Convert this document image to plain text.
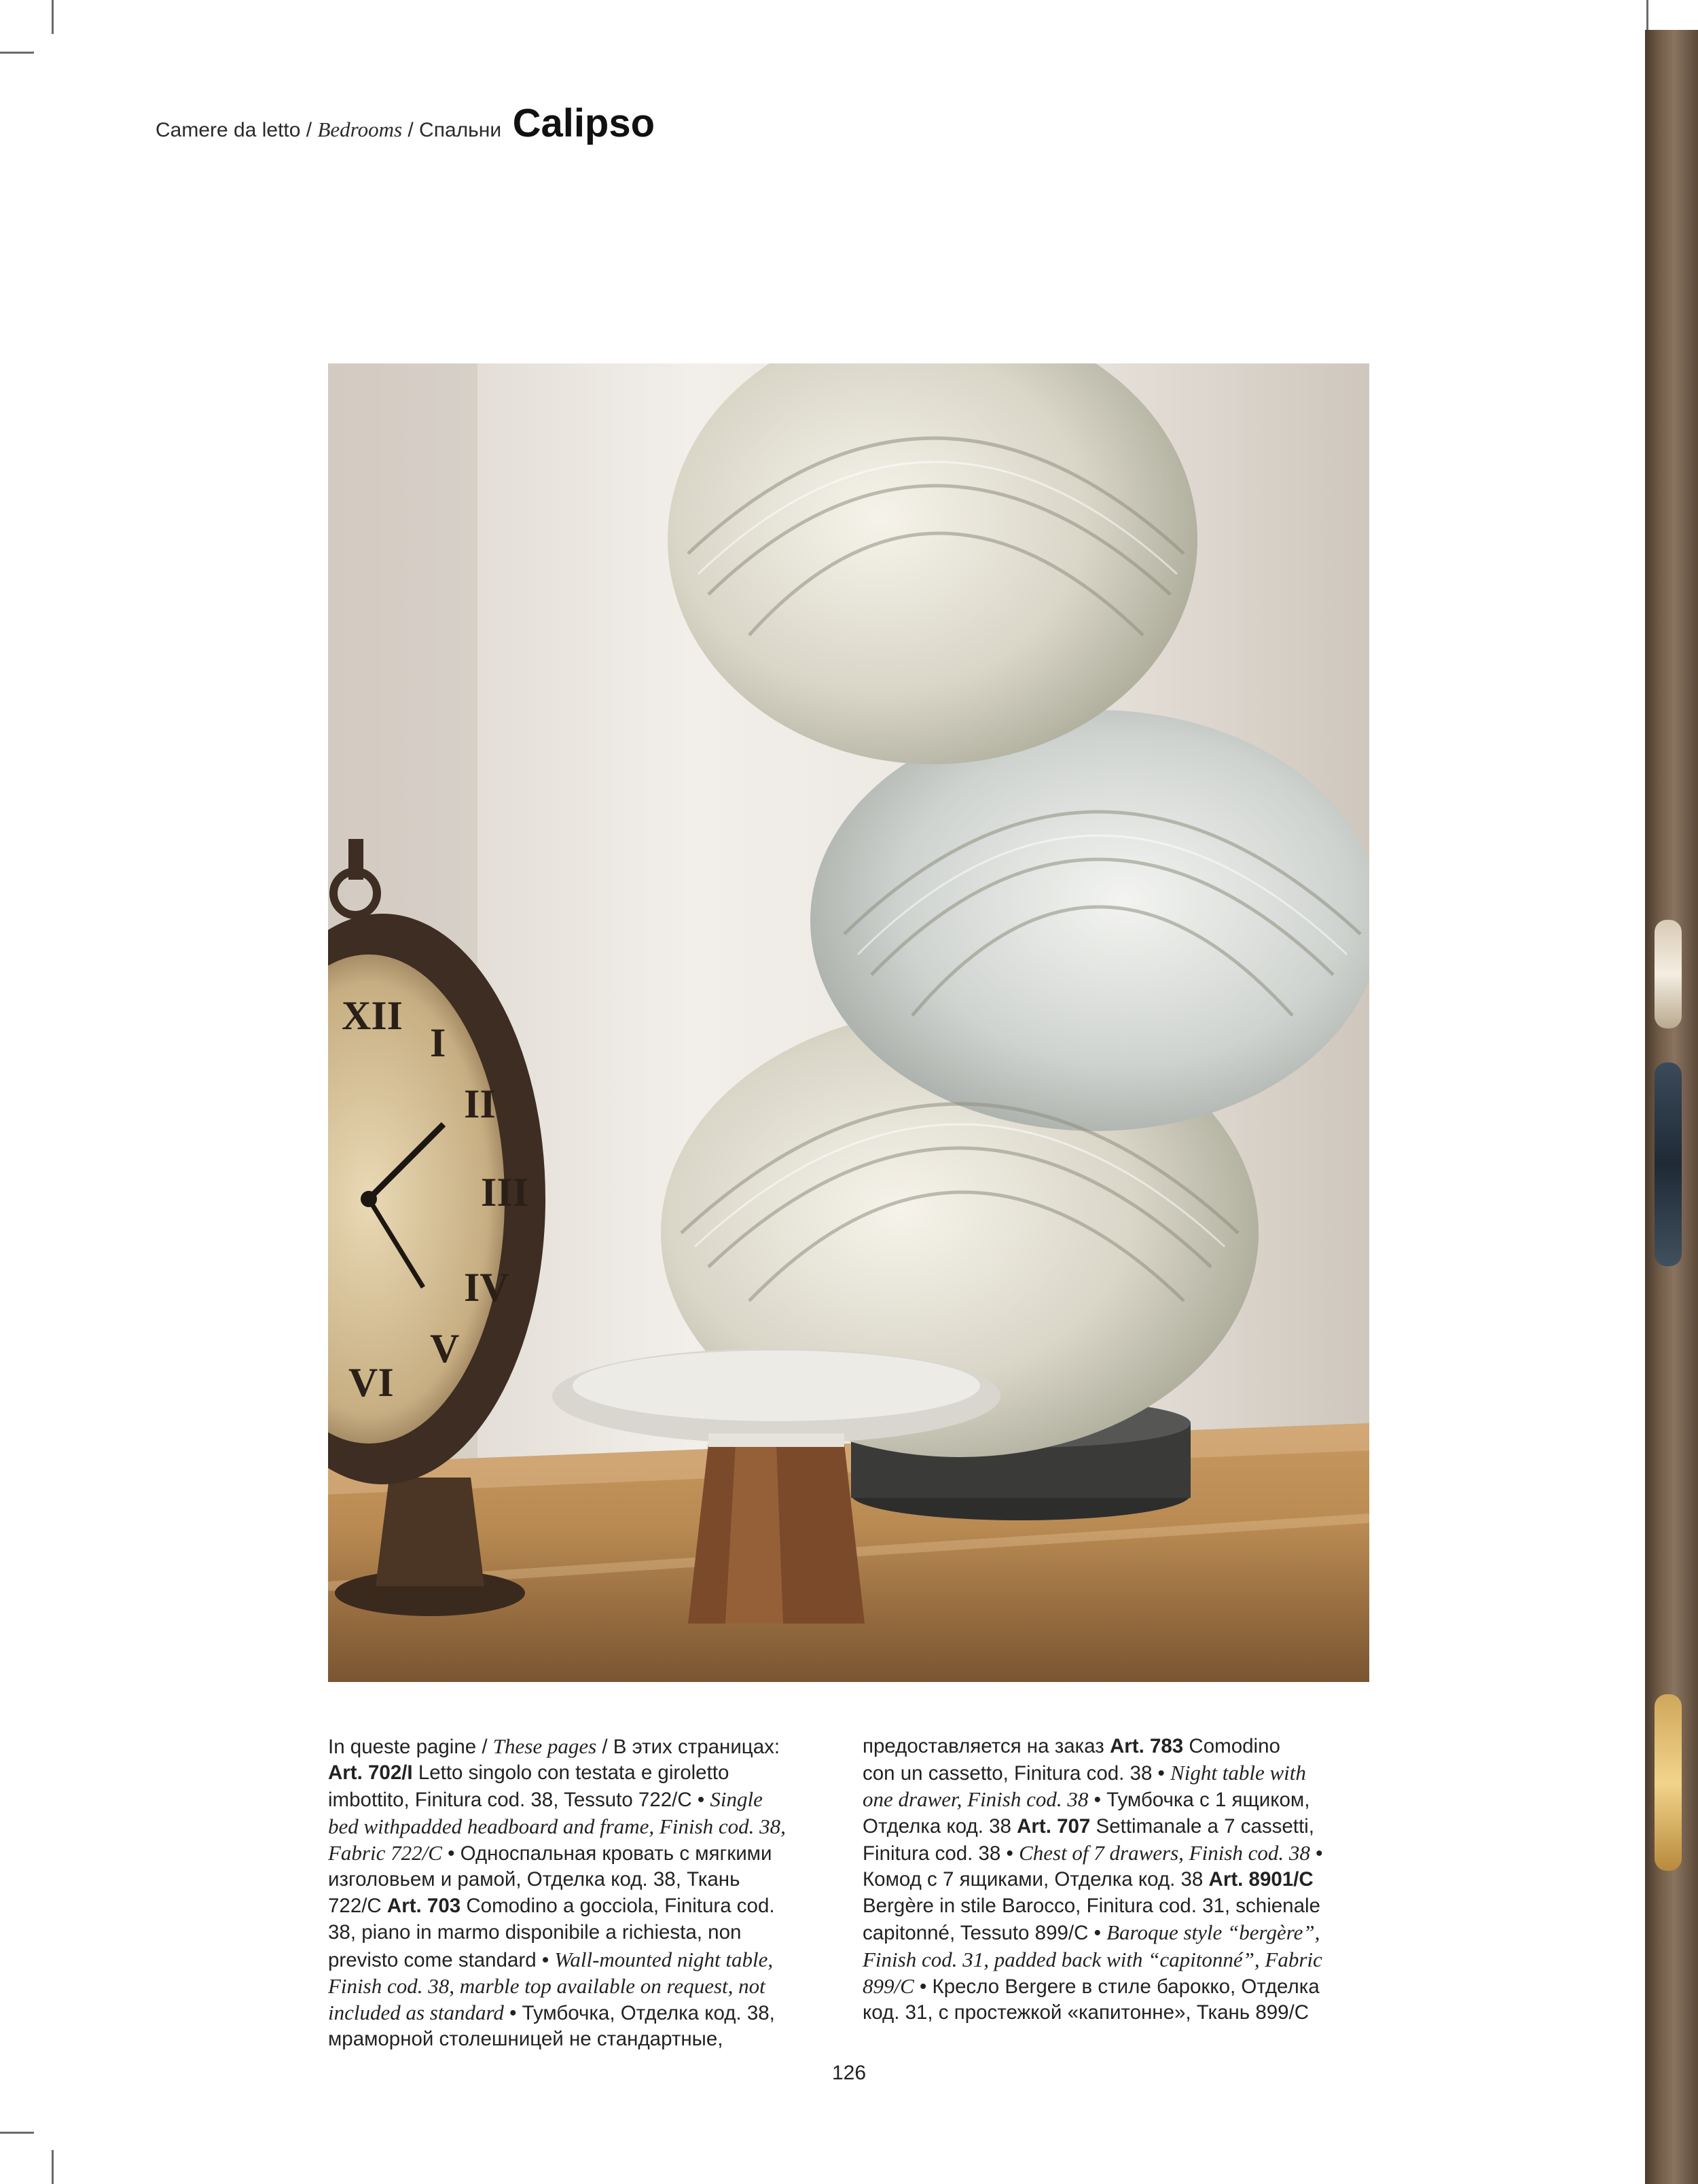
Camere da letto / Bedrooms / Спальни Calipso
XII
I
II
III
IV
V
VI
In queste pagine / These pages / В этих страницах:
Art. 702/I Letto singolo con testata e giroletto
imbottito, Finitura cod. 38, Tessuto 722/C • Single
bed withpadded headboard and frame, Finish cod. 38,
Fabric 722/C • Односпальная кровать с мягкими
изголовьем и рамой, Отделка код. 38, Ткань
722/C Art. 703 Comodino a gocciola, Finitura cod.
38, piano in marmo disponibile a richiesta, non
previsto come standard • Wall-mounted night table,
Finish cod. 38, marble top available on request, not
included as standard • Тумбочка, Отделка код. 38,
мраморной столешницей не стандартные,
предоставляется на заказ Art. 783 Comodino
con un cassetto, Finitura cod. 38 • Night table with
one drawer, Finish cod. 38 • Тумбочка с 1 ящиком,
Отделка код. 38 Art. 707 Settimanale a 7 cassetti,
Finitura cod. 38 • Chest of 7 drawers, Finish cod. 38 •
Комод с 7 ящиками, Отделка код. 38 Art. 8901/C
Bergère in stile Barocco, Finitura cod. 31, schienale
capitonné, Tessuto 899/C • Baroque style “bergère”,
Finish cod. 31, padded back with “capitonné”, Fabric
899/C • Кресло Bergere в стиле барокко, Отделка
код. 31, с простежкой «капитонне», Ткань 899/C
126
